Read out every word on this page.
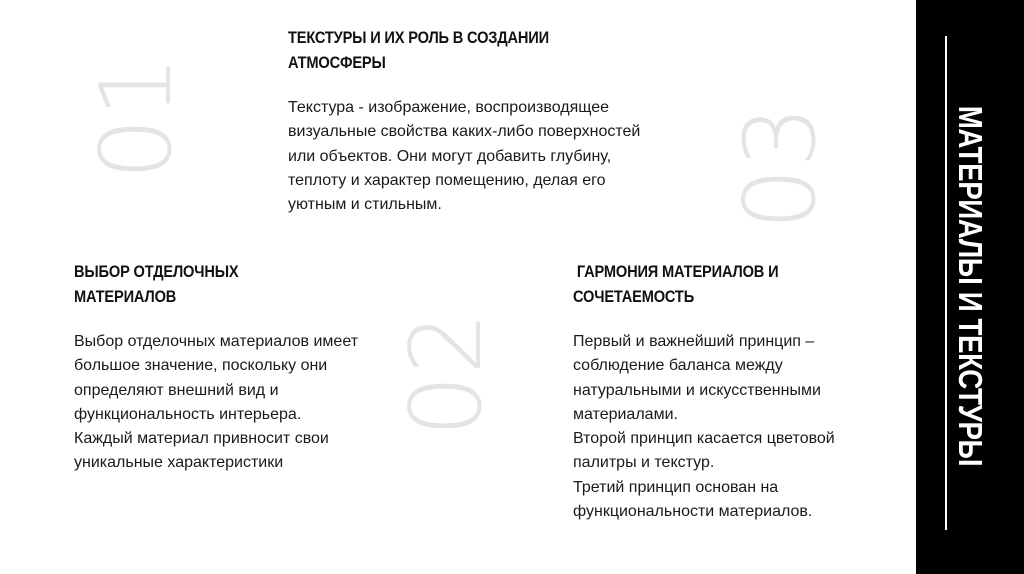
01
02
03
ТЕКСТУРЫ И ИХ РОЛЬ В СОЗДАНИИ АТМОСФЕРЫ
Текстура - изображение, воспроизводящее визуальные свойства каких-либо поверхностей или объектов. Они могут добавить глубину, теплоту и характер помещению, делая его уютным и стильным.
ВЫБОР ОТДЕЛОЧНЫХ МАТЕРИАЛОВ
Выбор отделочных материалов имеет большое значение, поскольку они определяют внешний вид и функциональность интерьера. Каждый материал привносит свои уникальные характеристики
ГАРМОНИЯ МАТЕРИАЛОВ И СОЧЕТАЕМОСТЬ
Первый и важнейший принцип – соблюдение баланса между натуральными и искусственными материалами.
Второй принцип касается цветовой палитры и текстур.
Третий принцип основан на функциональности материалов.
МАТЕРИАЛЫ И ТЕКСТУРЫ
